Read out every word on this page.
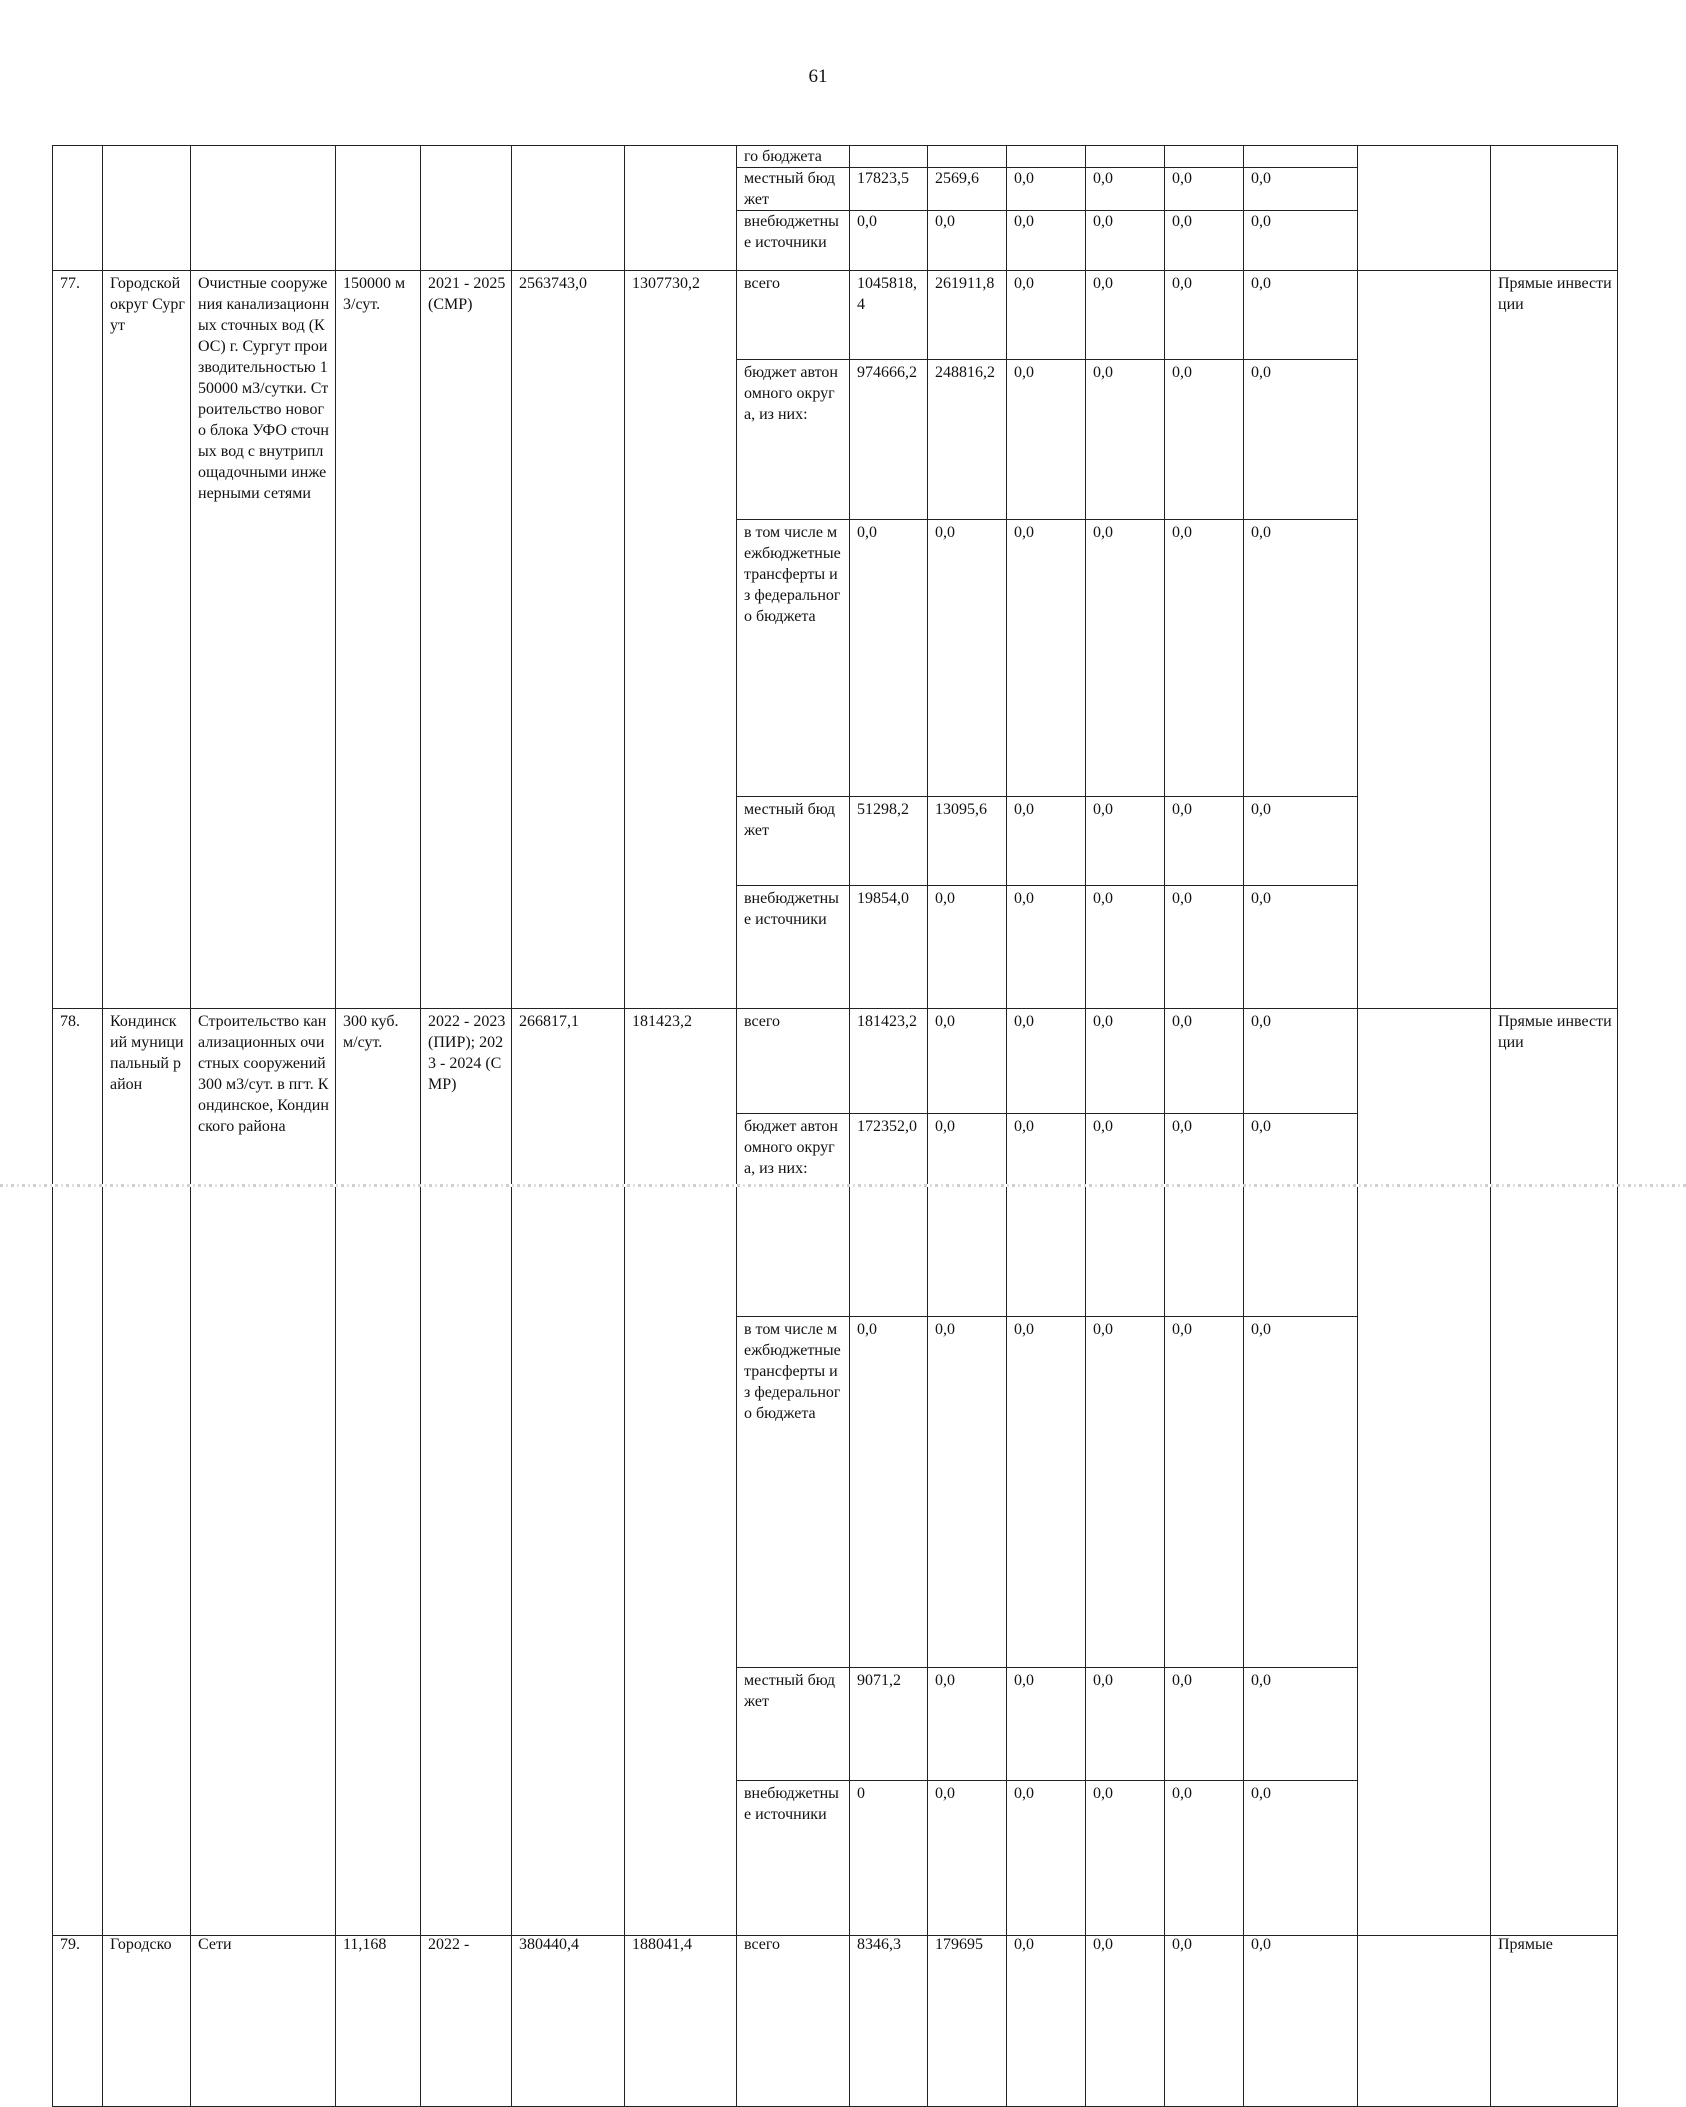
61
							го бюджета									
							местный бюджет	17823,5	2569,6	0,0	0,0	0,0	0,0			
							внебюджетные источники	0,0	0,0	0,0	0,0	0,0	0,0			
77.	Городской округ Сургут	Очистные сооружения канализационных сточных вод (КОС) г. Сургут производительностью 150000 м3/сутки. Строительство нового блока УФО сточных вод с внутриплощадочными инженерными сетями	150000 м3/сут.	2021 - 2025 (СМР)	2563743,0	1307730,2	всего	1045818,4	261911,8	0,0	0,0	0,0	0,0		Прямые инвестиции	
							бюджет автономного округа, из них:	974666,2	248816,2	0,0	0,0	0,0	0,0			
							в том числе межбюджетные трансферты из федерального бюджета	0,0	0,0	0,0	0,0	0,0	0,0			
							местный бюджет	51298,2	13095,6	0,0	0,0	0,0	0,0			
							внебюджетные источники	19854,0	0,0	0,0	0,0	0,0	0,0			
78.	Кондинский муниципальный район	Строительство канализационных очистных сооружений 300 м3/сут. в пгт. Кондинское, Кондинского района	300 куб. м/сут.	2022 - 2023 (ПИР); 2023 - 2024 (СМР)	266817,1	181423,2	всего	181423,2	0,0	0,0	0,0	0,0	0,0		Прямые инвестиции	
							бюджет автономного округа, из них:	172352,0	0,0	0,0	0,0	0,0	0,0			
							в том числе межбюджетные трансферты из федерального бюджета	0,0	0,0	0,0	0,0	0,0	0,0			
							местный бюджет	9071,2	0,0	0,0	0,0	0,0	0,0			
							внебюджетные источники	0	0,0	0,0	0,0	0,0	0,0			
79.	Городско	Сети	11,168	2022 -	380440,4	188041,4	всего	8346,3	179695	0,0	0,0	0,0	0,0		Прямые	
